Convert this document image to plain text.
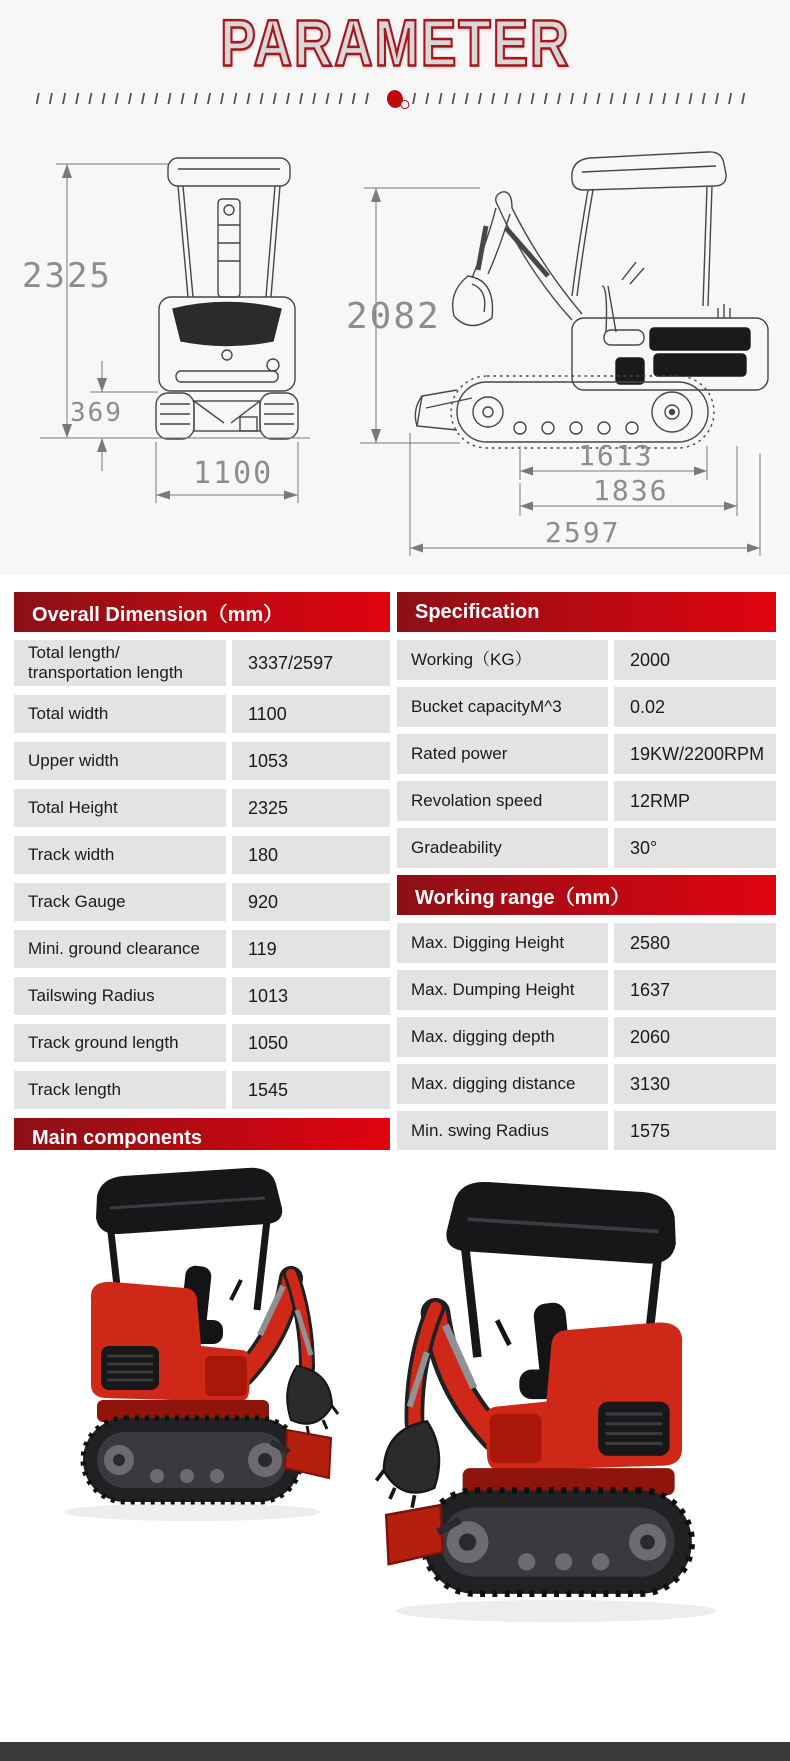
PARAMETER
////////////////////////// //////////////////////////
2325
369
1100
2082
1613
1836
2597
Overall Dimension（mm）
Total length/ transportation length	3337/2597
Total width	1100
Upper width	1053
Total Height	2325
Track width	180
Track Gauge	920
Mini. ground clearance	119
Tailswing Radius	1013
Track ground length	1050
Track length	1545
Main components
Specification
Working（KG）	2000
Bucket capacityM^3	0.02
Rated power	19KW/2200RPM
Revolation speed	12RMP
Gradeability	30°
Working range（mm）
Max. Digging Height	2580
Max. Dumping Height	1637
Max. digging depth	2060
Max. digging distance	3130
Min. swing Radius	1575
